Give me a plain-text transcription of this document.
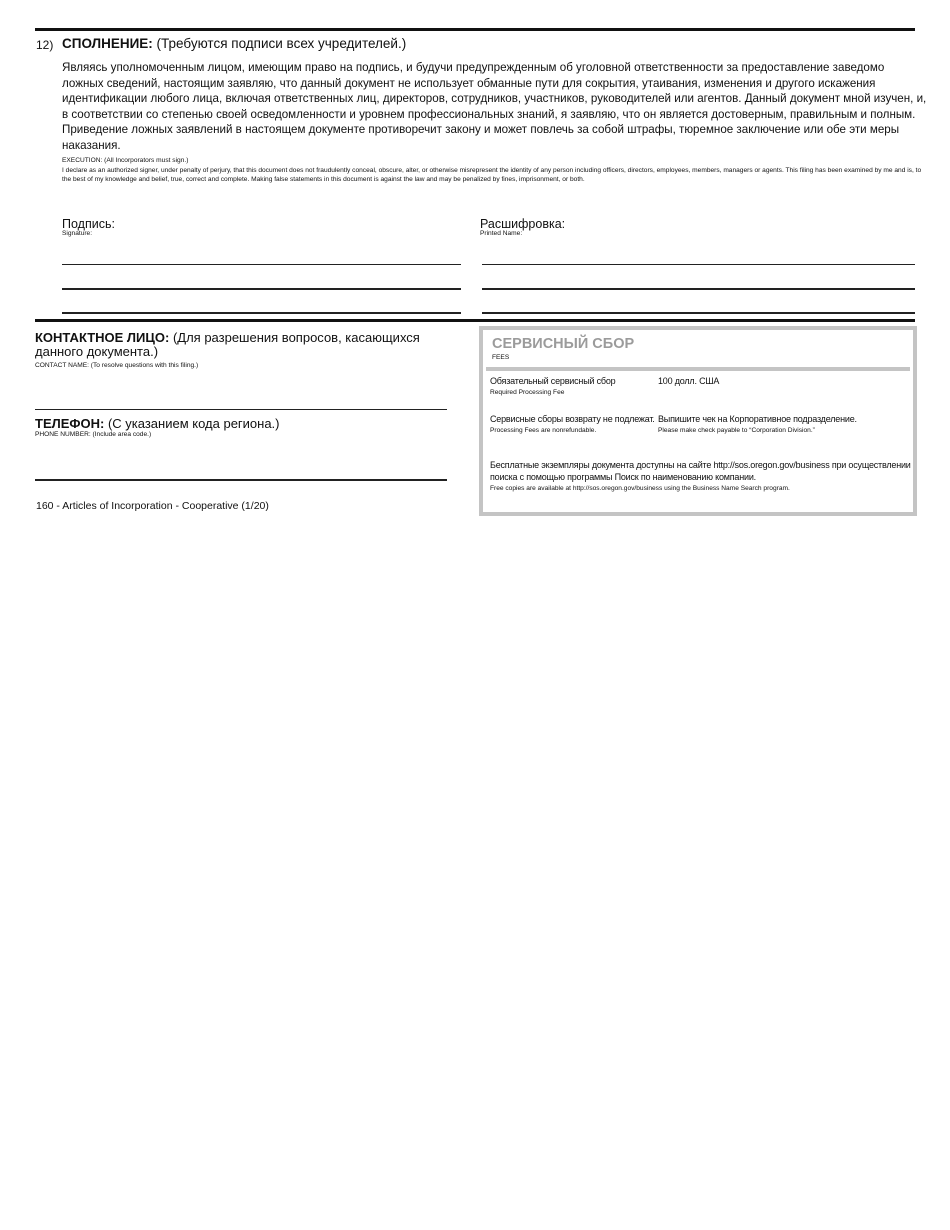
12) СПОЛНЕНИЕ: (Требуются подписи всех учредителей.)
Являясь уполномоченным лицом, имеющим право на подпись, и будучи предупрежденным об уголовной ответственности за предоставление заведомо ложных сведений, настоящим заявляю, что данный документ не использует обманные пути для сокрытия, утаивания, изменения и другого искажения идентификации любого лица, включая ответственных лиц, директоров, сотрудников, участников, руководителей или агентов. Данный документ мной изучен, и, в соответствии со степенью своей осведомленности и уровнем профессиональных знаний, я заявляю, что он является достоверным, правильным и полным. Приведение ложных заявлений в настоящем документе противоречит закону и может повлечь за собой штрафы, тюремное заключение или обе эти меры наказания.
EXECUTION: (All Incorporators must sign.)
I declare as an authorized signer, under penalty of perjury, that this document does not fraudulently conceal, obscure, alter, or otherwise misrepresent the identity of any person including officers, directors, employees, members, managers or agents. This filing has been examined by me and is, to the best of my knowledge and belief, true, correct and complete. Making false statements in this document is against the law and may be penalized by fines, imprisonment, or both.
Подпись:
Signature:
Расшифровка:
Printed Name:
КОНТАКТНОЕ ЛИЦО: (Для разрешения вопросов, касающихся данного документа.)
CONTACT NAME: (To resolve questions with this filing.)
ТЕЛЕФОН: (С указанием кода региона.)
PHONE NUMBER: (Include area code.)
160 - Articles of Incorporation - Cooperative (1/20)
СЕРВИСНЫЙ СБОР
FEES
Обязательный сервисный сбор
Required Processing Fee
100 долл. США
Сервисные сборы возврату не подлежат.
Processing Fees are nonrefundable.
Выпишите чек на Корпоративное подразделение.
Please make check payable to “Corporation Division.”
Бесплатные экземпляры документа доступны на сайте http://sos.oregon.gov/business при осуществлении
поиска с помощью программы Поиск по наименованию компании.
Free copies are available at http://sos.oregon.gov/business using the Business Name Search program.
